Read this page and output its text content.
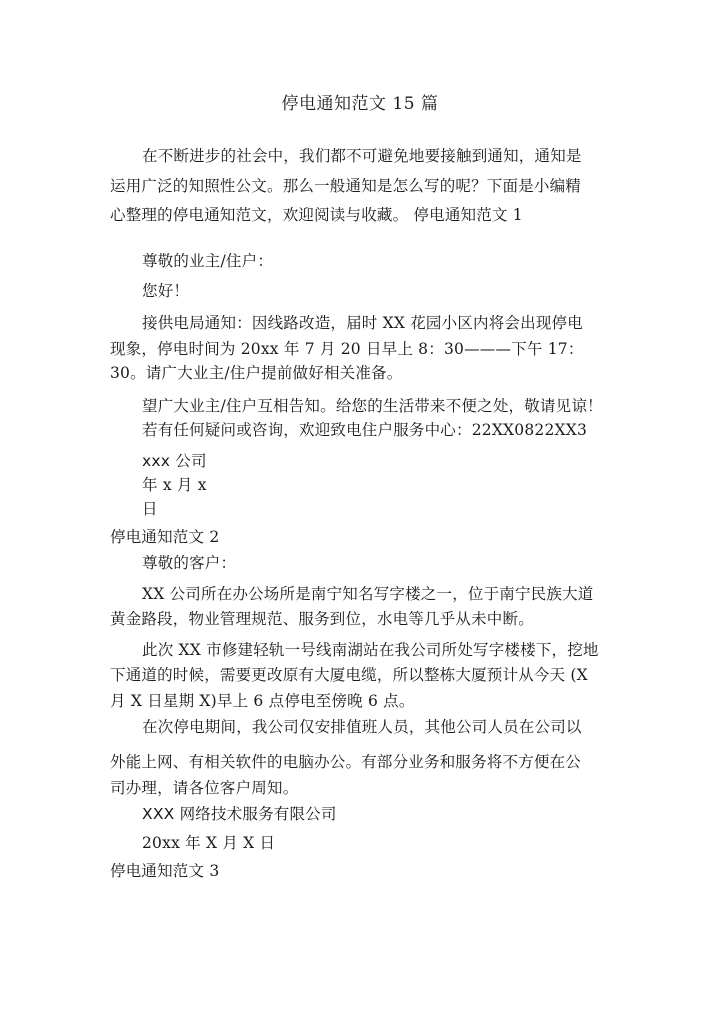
停电通知范文 15 篇
在不断进步的社会中，我们都不可避免地要接触到通知，通知是
运用广泛的知照性公文。那么一般通知是怎么写的呢？下面是小编精
心整理的停电通知范文，欢迎阅读与收藏。 停电通知范文 1
尊敬的业主/住户：
您好！
接供电局通知：因线路改造，届时 XX 花园小区内将会出现停电
现象，停电时间为 20xx 年 7 月 20 日早上 8：30———下午 17：
30。请广大业主/住户提前做好相关准备。
望广大业主/住户互相告知。给您的生活带来不便之处，敬请见谅！
若有任何疑问或咨询，欢迎致电住户服务中心：22XX0822XX3
xxx 公司
年 x 月 x
日
停电通知范文 2
尊敬的客户：
XX 公司所在办公场所是南宁知名写字楼之一，位于南宁民族大道
黄金路段，物业管理规范、服务到位，水电等几乎从未中断。
此次 XX 市修建轻轨一号线南湖站在我公司所处写字楼楼下，挖地
下通道的时候，需要更改原有大厦电缆，所以整栋大厦预计从今天 (X
月 X 日星期 X)早上 6 点停电至傍晚 6 点。
在次停电期间，我公司仅安排值班人员，其他公司人员在公司以
外能上网、有相关软件的电脑办公。有部分业务和服务将不方便在公
司办理，请各位客户周知。
XXX 网络技术服务有限公司
20xx 年 X 月 X 日
停电通知范文 3
